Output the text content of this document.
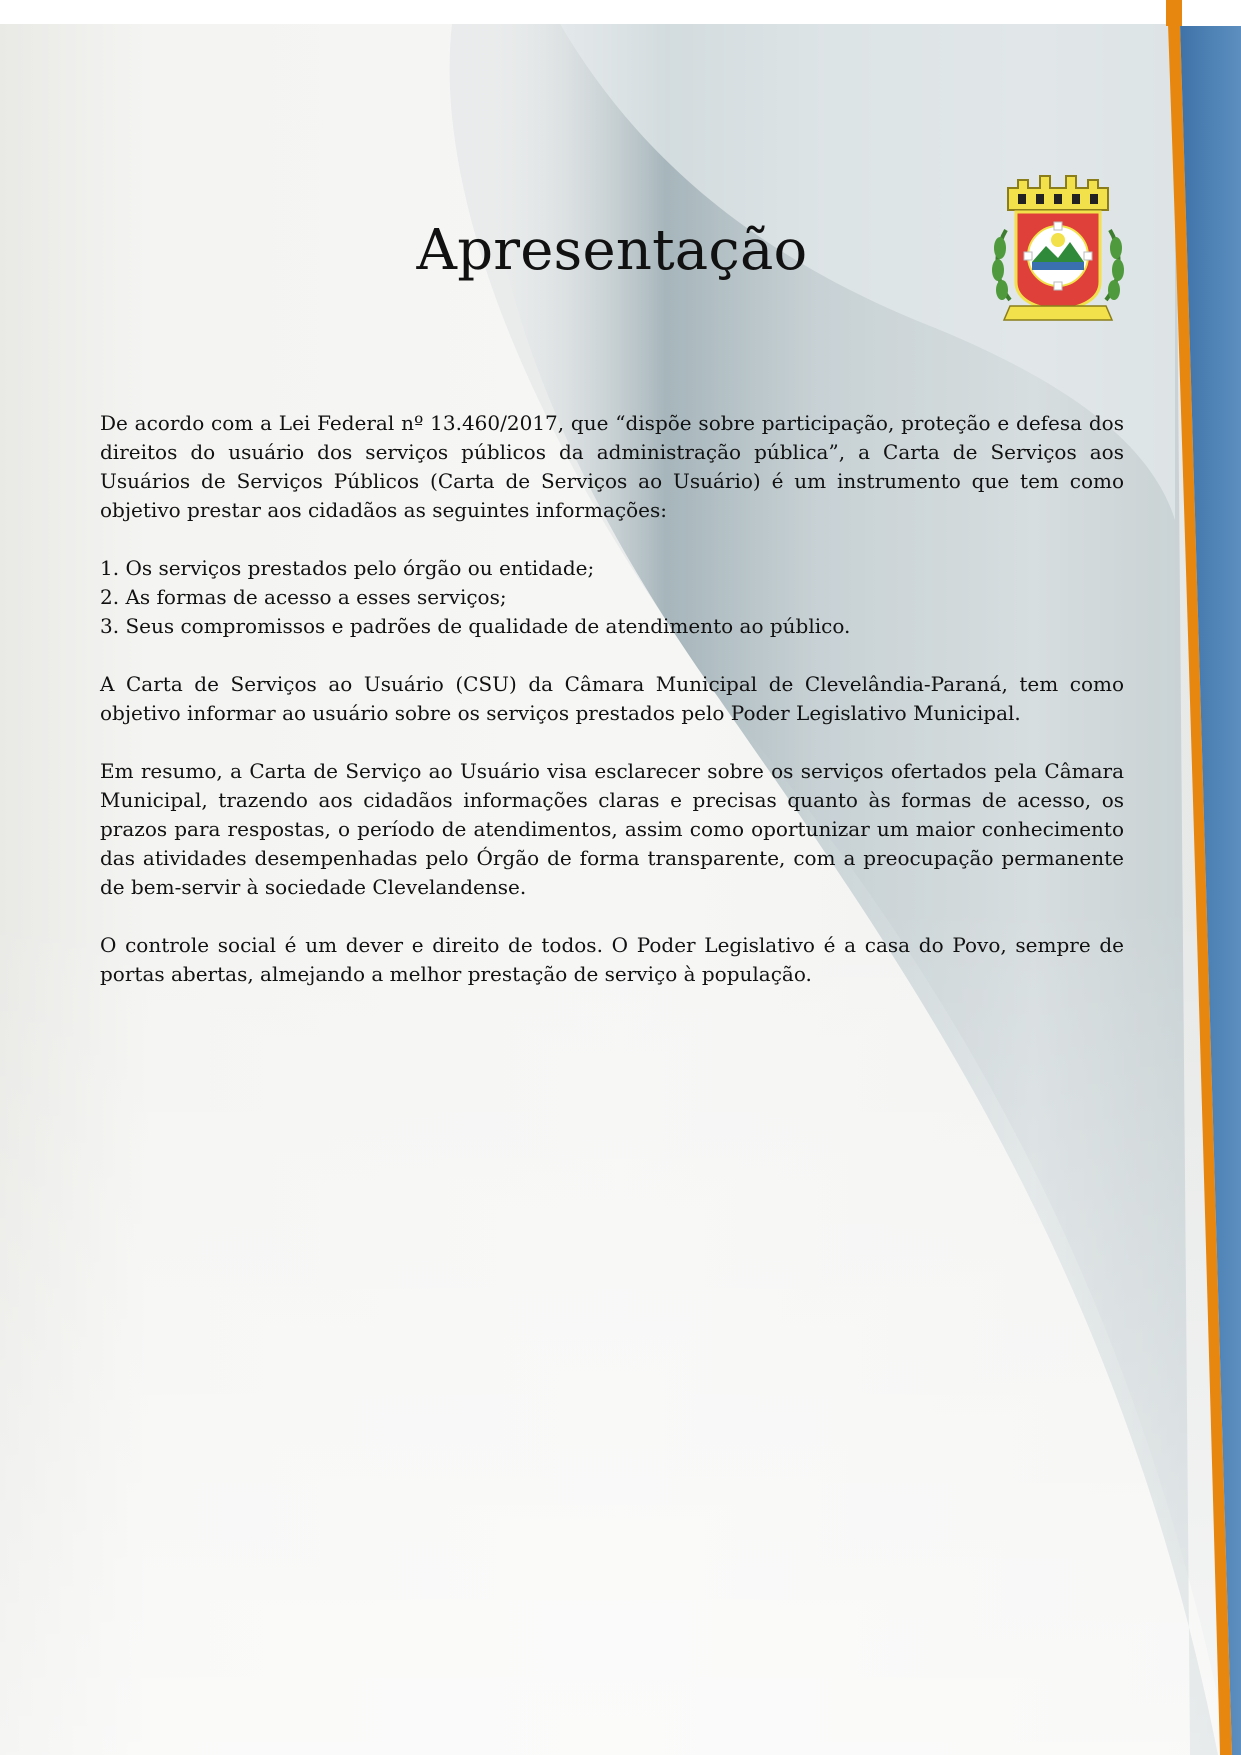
Apresentação

De acordo com a Lei Federal nº 13.460/2017, que “dispõe sobre participação, proteção e defesa dos direitos do usuário dos serviços públicos da administração pública”, a Carta de Serviços aos Usuários de Serviços Públicos (Carta de Serviços ao Usuário) é um instrumento que tem como objetivo prestar aos cidadãos as seguintes informações:

1. Os serviços prestados pelo órgão ou entidade;
2. As formas de acesso a esses serviços;
3. Seus compromissos e padrões de qualidade de atendimento ao público.

A Carta de Serviços ao Usuário (CSU) da Câmara Municipal de Clevelândia-Paraná, tem como objetivo informar ao usuário sobre os serviços prestados pelo Poder Legislativo Municipal.

Em resumo, a Carta de Serviço ao Usuário visa esclarecer sobre os serviços ofertados pela Câmara Municipal, trazendo aos cidadãos informações claras e precisas quanto às formas de acesso, os prazos para respostas, o período de atendimentos, assim como oportunizar um maior conhecimento das atividades desempenhadas pelo Órgão de forma transparente, com a preocupação permanente de bem-servir à sociedade Clevelandense.

O controle social é um dever e direito de todos. O Poder Legislativo é a casa do Povo, sempre de portas abertas, almejando a melhor prestação de serviço à população.
